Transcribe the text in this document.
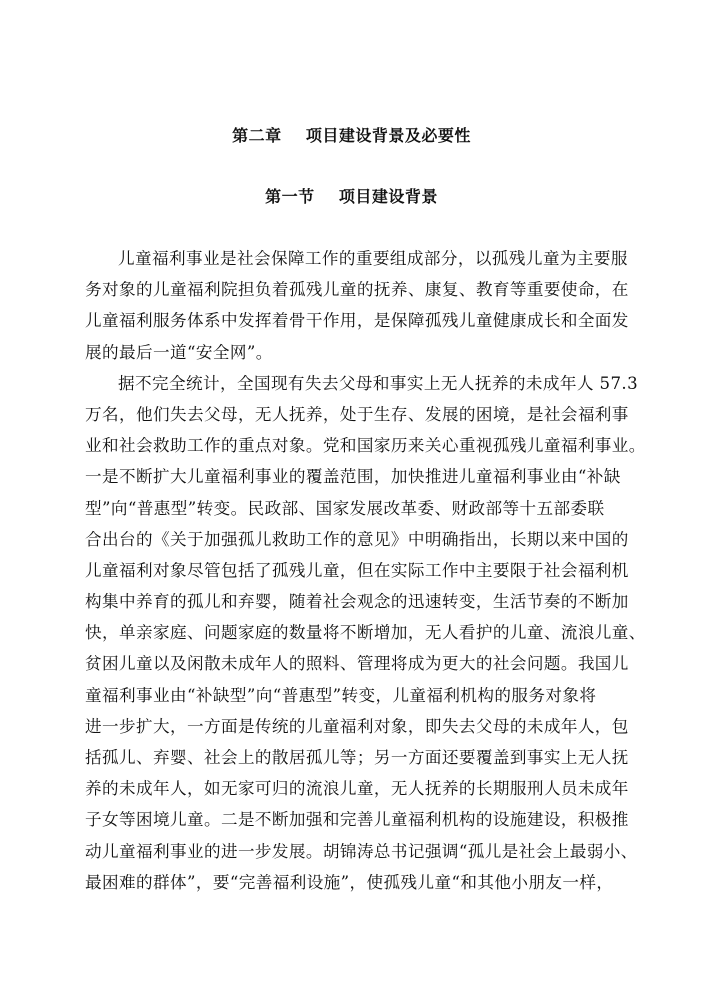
第二章    项目建设背景及必要性
第一节    项目建设背景

儿童福利事业是社会保障工作的重要组成部分，以孤残儿童为主要服
务对象的儿童福利院担负着孤残儿童的抚养、康复、教育等重要使命，在
儿童福利服务体系中发挥着骨干作用，是保障孤残儿童健康成长和全面发
展的最后一道“安全网”。

据不完全统计，全国现有失去父母和事实上无人抚养的未成年人 57.3
万名，他们失去父母，无人抚养，处于生存、发展的困境，是社会福利事
业和社会救助工作的重点对象。党和国家历来关心重视孤残儿童福利事业。
一是不断扩大儿童福利事业的覆盖范围，加快推进儿童福利事业由“补缺
型”向“普惠型”转变。民政部、国家发展改革委、财政部等十五部委联
合出台的《关于加强孤儿救助工作的意见》中明确指出，长期以来中国的
儿童福利对象尽管包括了孤残儿童，但在实际工作中主要限于社会福利机
构集中养育的孤儿和弃婴，随着社会观念的迅速转变，生活节奏的不断加
快，单亲家庭、问题家庭的数量将不断增加，无人看护的儿童、流浪儿童、
贫困儿童以及闲散未成年人的照料、管理将成为更大的社会问题。我国儿
童福利事业由“补缺型”向“普惠型”转变，儿童福利机构的服务对象将
进一步扩大，一方面是传统的儿童福利对象，即失去父母的未成年人，包
括孤儿、弃婴、社会上的散居孤儿等；另一方面还要覆盖到事实上无人抚
养的未成年人，如无家可归的流浪儿童，无人抚养的长期服刑人员未成年
子女等困境儿童。二是不断加强和完善儿童福利机构的设施建设，积极推
动儿童福利事业的进一步发展。胡锦涛总书记强调“孤儿是社会上最弱小、
最困难的群体”，要“完善福利设施”，使孤残儿童“和其他小朋友一样，
